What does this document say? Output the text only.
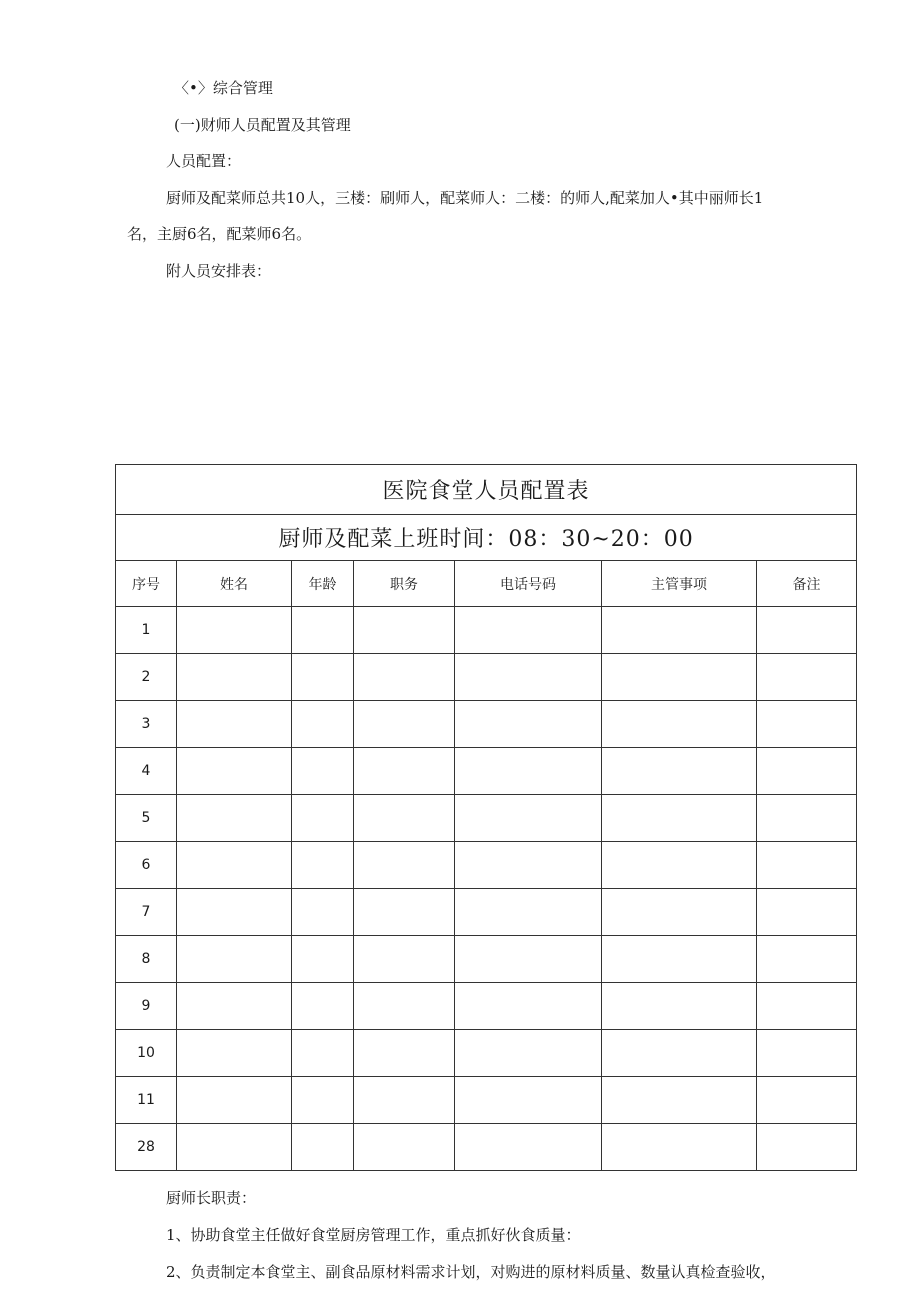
〈•〉综合管理
(一)财师人员配置及其管理
人员配置：
厨师及配菜师总共10人，三楼：刷师人，配菜师人：二楼：的师人,配菜加人•其中丽师长1
名，主厨6名，配菜师6名。
附人员安排表：
医院食堂人员配置表						
厨师及配菜上班时间：08：30~20：00						
序号	姓名	年龄	职务	电话号码	主管事项	备注
1						
2						
3						
4						
5						
6						
7						
8						
9						
10						
11						
28						
厨师长职责：
1、协助食堂主任做好食堂厨房管理工作，重点抓好伙食质量：
2、负责制定本食堂主、副食品原材料需求计划，对购进的原材料质量、数量认真检查验收，
